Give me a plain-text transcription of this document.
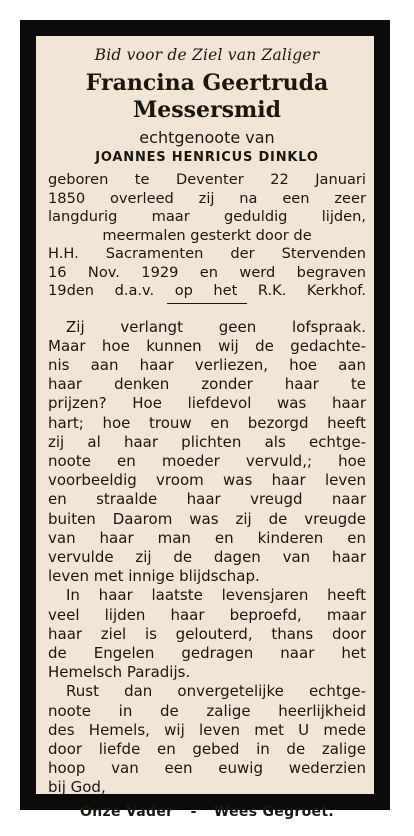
Bid voor de Ziel van Zaliger
Francina Geertruda
Messersmid
echtgenoote van
JOANNES HENRICUS DINKLO
geboren te Deventer 22 Januari
1850 overleed zij na een zeer
langdurig maar geduldig lijden,
meermalen gesterkt door de
H.H. Sacramenten der Stervenden
16 Nov. 1929 en werd begraven
19den d.a.v. op het R.K. Kerkhof.
Zij verlangt geen lofspraak.
Maar hoe kunnen wij de gedachte-
nis aan haar verliezen, hoe aan
haar denken zonder haar te
prijzen? Hoe liefdevol was haar
hart; hoe trouw en bezorgd heeft
zij al haar plichten als echtge-
noote en moeder vervuld,; hoe
voorbeeldig vroom was haar leven
en straalde haar vreugd naar
buiten Daarom was zij de vreugde
van haar man en kinderen en
vervulde zij de dagen van haar
leven met innige blijdschap.
In haar laatste levensjaren heeft
veel lijden haar beproefd, maar
haar ziel is gelouterd, thans door
de Engelen gedragen naar het
Hemelsch Paradijs.
Rust dan onvergetelijke echtge-
noote in de zalige heerlijkheid
des Hemels, wij leven met U mede
door liefde en gebed in de zalige
hoop van een euwig wederzien
bij God,
Onze Vader - Wees Gegroet.
